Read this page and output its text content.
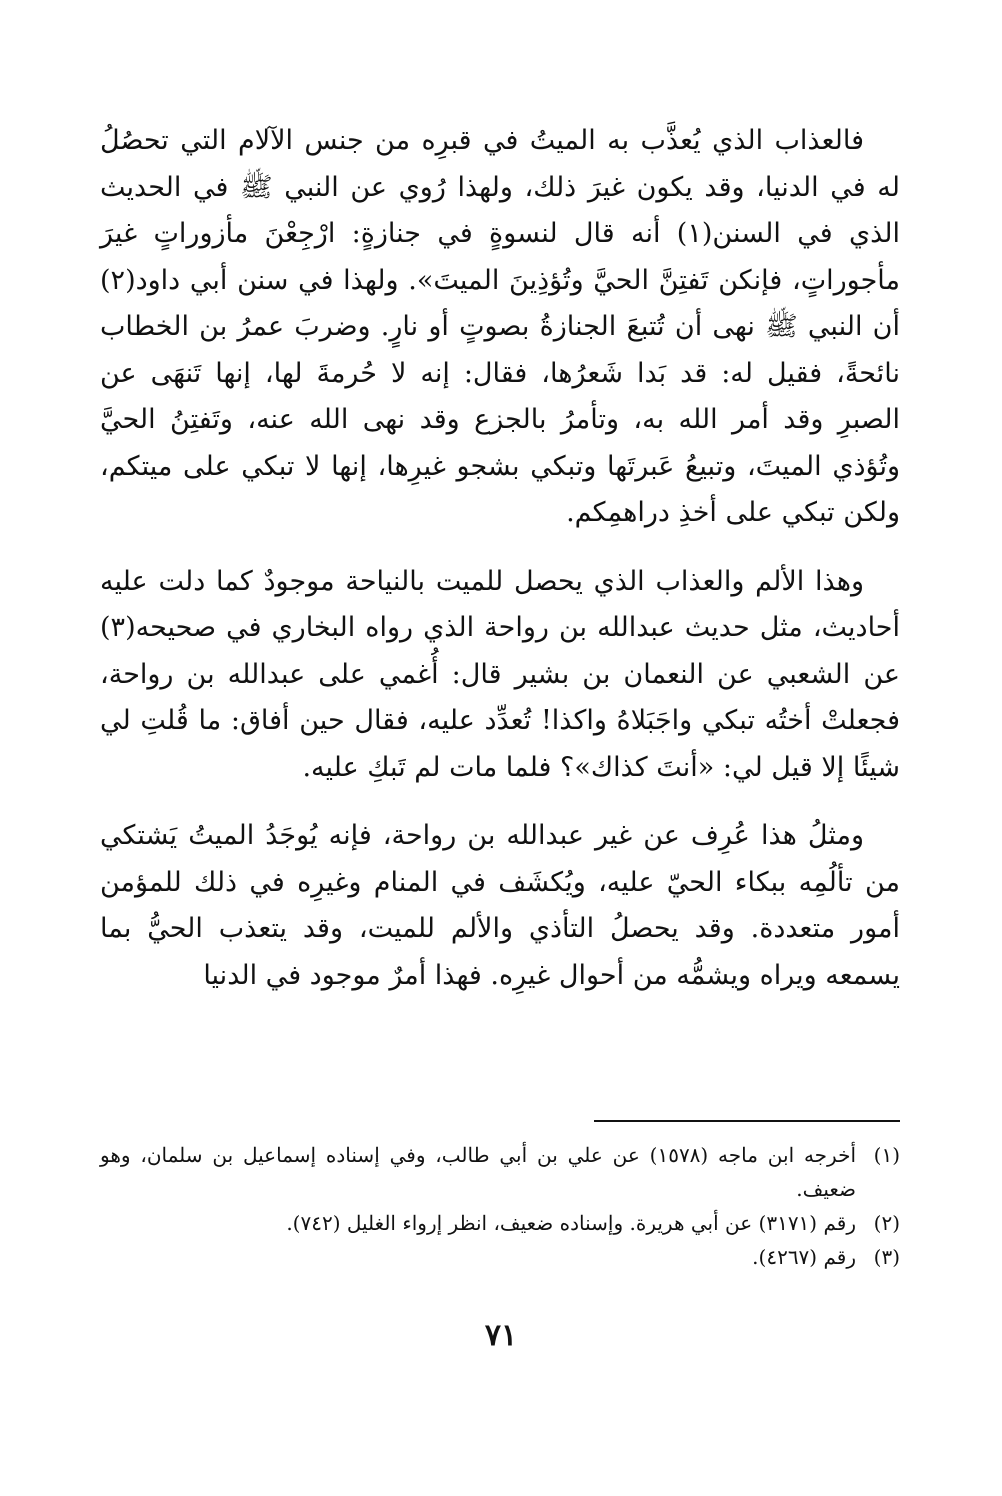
فالعذاب الذي يُعذَّب به الميتُ في قبرِه من جنس الآلام التي تحصُلُ له في الدنيا، وقد يكون غيرَ ذلك، ولهذا رُوي عن النبي ﷺ في الحديث الذي في السنن(١) أنه قال لنسوةٍ في جنازةٍ: ارْجِعْنَ مأزوراتٍ غيرَ مأجوراتٍ، فإنكن تَفتِنَّ الحيَّ وتُؤذِينَ الميتَ». ولهذا في سنن أبي داود(٢) أن النبي ﷺ نهى أن تُتبعَ الجنازةُ بصوتٍ أو نارٍ. وضربَ عمرُ بن الخطاب نائحةً، فقيل له: قد بَدا شَعرُها، فقال: إنه لا حُرمةَ لها، إنها تَنهَى عن الصبرِ وقد أمر الله به، وتأمرُ بالجزع وقد نهى الله عنه، وتَفتِنُ الحيَّ وتُؤذي الميتَ، وتبيعُ عَبرتَها وتبكي بشجو غيرِها، إنها لا تبكي على ميتكم، ولكن تبكي على أخذِ دراهمِكم.

وهذا الألم والعذاب الذي يحصل للميت بالنياحة موجودٌ كما دلت عليه أحاديث، مثل حديث عبدالله بن رواحة الذي رواه البخاري في صحيحه(٣) عن الشعبي عن النعمان بن بشير قال: أُغمي على عبدالله بن رواحة، فجعلتْ أختُه تبكي واجَبَلاهُ واكذا! تُعدِّد عليه، فقال حين أفاق: ما قُلتِ لي شيئًا إلا قيل لي: «أنتَ كذاك»؟ فلما مات لم تَبكِ عليه.

ومثلُ هذا عُرِف عن غير عبدالله بن رواحة، فإنه يُوجَدُ الميتُ يَشتكي من تألُمِه ببكاء الحيّ عليه، ويُكشَف في المنام وغيرِه في ذلك للمؤمن أمور متعددة. وقد يحصلُ التأذي والألم للميت، وقد يتعذب الحيُّ بما يسمعه ويراه ويشمُّه من أحوال غيرِه. فهذا أمرٌ موجود في الدنيا

(١)
أخرجه ابن ماجه (١٥٧٨) عن علي بن أبي طالب، وفي إسناده إسماعيل بن سلمان، وهو ضعيف.
(٢)
رقم (٣١٧١) عن أبي هريرة. وإسناده ضعيف، انظر إرواء الغليل (٧٤٢).
(٣)
رقم (٤٢٦٧).
٧١
